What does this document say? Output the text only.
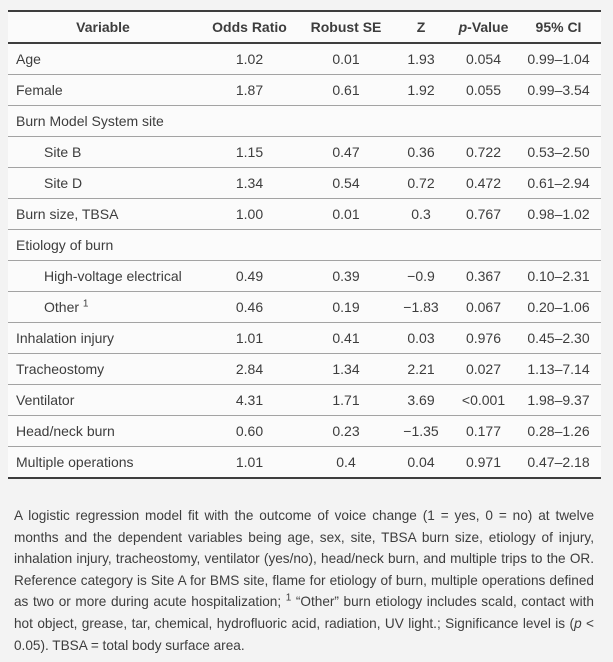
Variable	Odds Ratio	Robust SE	Z	p-Value	95% CI
Age	1.02	0.01	1.93	0.054	0.99–1.04
Female	1.87	0.61	1.92	0.055	0.99–3.54
Burn Model System site					
Site B	1.15	0.47	0.36	0.722	0.53–2.50
Site D	1.34	0.54	0.72	0.472	0.61–2.94
Burn size, TBSA	1.00	0.01	0.3	0.767	0.98–1.02
Etiology of burn					
High-voltage electrical	0.49	0.39	−0.9	0.367	0.10–2.31
Other $^1$	0.46	0.19	−1.83	0.067	0.20–1.06
Inhalation injury	1.01	0.41	0.03	0.976	0.45–2.30
Tracheostomy	2.84	1.34	2.21	0.027	1.13–7.14
Ventilator	4.31	1.71	3.69	<0.001	1.98–9.37
Head/neck burn	0.60	0.23	−1.35	0.177	0.28–1.26
Multiple operations	1.01	0.4	0.04	0.971	0.47–2.18

A logistic regression model fit with the outcome of voice change (1 = yes, 0 = no) at twelve months and the dependent variables being age, sex, site, TBSA burn size, etiology of injury, inhalation injury, tracheostomy, ventilator (yes/no), head/neck burn, and multiple trips to the OR. Reference category is Site A for BMS site, flame for etiology of burn, multiple operations defined as two or more during acute hospitalization; $^1$ “Other” burn etiology includes scald, contact with hot object, grease, tar, chemical, hydrofluoric acid, radiation, UV light.; Significance level is (p < 0.05). TBSA = total body surface area.
